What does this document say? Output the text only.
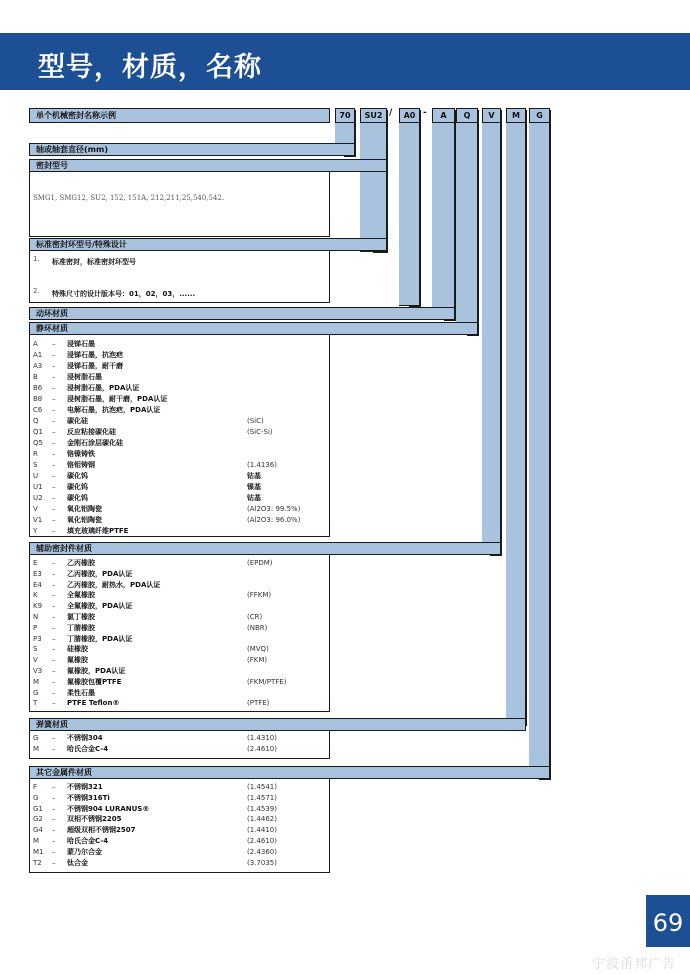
型号，材质，名称
单个机械密封名称示例	70	SU2 /	A0 -	A	Q	V	M	G
轴或轴套直径(mm)
密封型号
SMG1, SMG12, SU2, 152, 151A, 212,211,25,540,542.
标准密封环型号/特殊设计
1. 标准密封，标准密封环型号
2. 特殊尺寸的设计版本号：01，02，03，......
动环材质
静环材质
A – 浸锑石墨
A1 – 浸锑石墨，抗泡疤
A3 – 浸锑石墨，耐干磨
B – 浸树脂石墨
B6 – 浸树脂石墨，PDA认证
B8 – 浸树脂石墨，耐干磨，PDA认证
C6 – 电解石墨，抗泡疤，PDA认证
Q – 碳化硅	(SiC)
Q1 – 反应粘接碳化硅	(SiC-Si)
Q5 – 金刚石涂层碳化硅
R – 铬镍铸铁
S – 铬钼铸钢	(1.4136)
U – 碳化钨	钴基
U1 – 碳化钨	镍基
U2 – 碳化钨	钴基
V – 氧化铝陶瓷	(Al2O3: 99.5%)
V1 – 氧化铝陶瓷	(Al2O3: 96.0%)
Y – 填充玻璃纤维PTFE
辅助密封件材质
E – 乙丙橡胶	(EPDM)
E3 – 乙丙橡胶，PDA认证
E4 – 乙丙橡胶，耐热水，PDA认证
K – 全氟橡胶	(FFKM)
K9 – 全氟橡胶，PDA认证
N – 氯丁橡胶	(CR)
P – 丁腈橡胶	(NBR)
P3 – 丁腈橡胶，PDA认证
S – 硅橡胶	(MVQ)
V – 氟橡胶	(FKM)
V3 – 氟橡胶，PDA认证
M – 氟橡胶包覆PTFE	(FKM/PTFE)
G – 柔性石墨
T – PTFE Teflon®	(PTFE)
弹簧材质
G – 不锈钢304	(1.4310)
M – 哈氏合金C-4	(2.4610)
其它金属件材质
F – 不锈钢321	(1.4541)
G – 不锈钢316Ti	(1.4571)
G1 – 不锈钢904 LURANUS®	(1.4539)
G2 – 双相不锈钢2205	(1.4462)
G4 – 超级双相不锈钢2507	(1.4410)
M – 哈氏合金C-4	(2.4610)
M1 – 蒙乃尔合金	(2.4360)
T2 – 钛合金	(3.7035)
69
宁波甬邦广告
